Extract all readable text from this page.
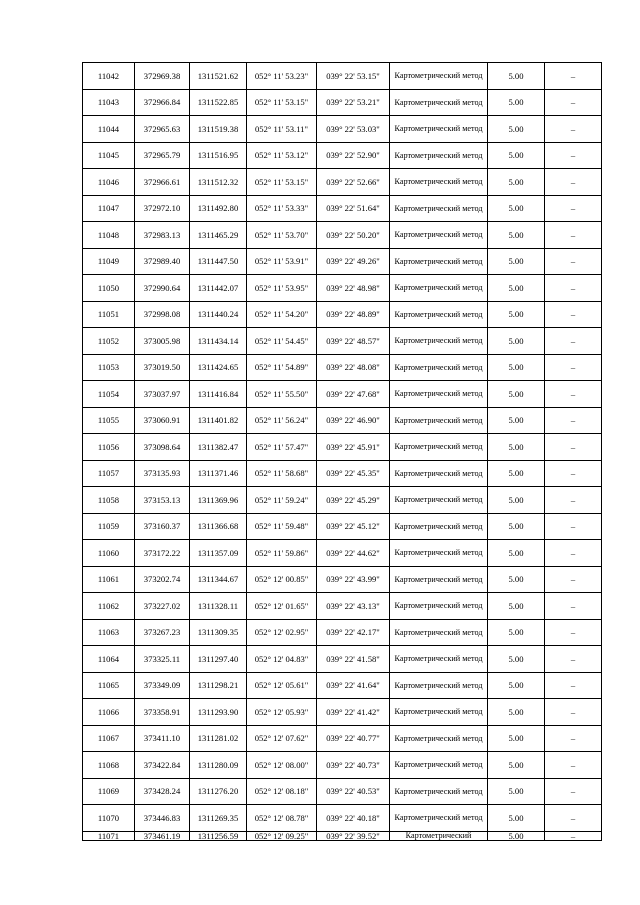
11042	372969.38	1311521.62	052° 11' 53.23"	039° 22' 53.15"	Картометрический метод	5.00	–
11043	372966.84	1311522.85	052° 11' 53.15"	039° 22' 53.21"	Картометрический метод	5.00	–
11044	372965.63	1311519.38	052° 11' 53.11"	039° 22' 53.03"	Картометрический метод	5.00	–
11045	372965.79	1311516.95	052° 11' 53.12"	039° 22' 52.90"	Картометрический метод	5.00	–
11046	372966.61	1311512.32	052° 11' 53.15"	039° 22' 52.66"	Картометрический метод	5.00	–
11047	372972.10	1311492.80	052° 11' 53.33"	039° 22' 51.64"	Картометрический метод	5.00	–
11048	372983.13	1311465.29	052° 11' 53.70"	039° 22' 50.20"	Картометрический метод	5.00	–
11049	372989.40	1311447.50	052° 11' 53.91"	039° 22' 49.26"	Картометрический метод	5.00	–
11050	372990.64	1311442.07	052° 11' 53.95"	039° 22' 48.98"	Картометрический метод	5.00	–
11051	372998.08	1311440.24	052° 11' 54.20"	039° 22' 48.89"	Картометрический метод	5.00	–
11052	373005.98	1311434.14	052° 11' 54.45"	039° 22' 48.57"	Картометрический метод	5.00	–
11053	373019.50	1311424.65	052° 11' 54.89"	039° 22' 48.08"	Картометрический метод	5.00	–
11054	373037.97	1311416.84	052° 11' 55.50"	039° 22' 47.68"	Картометрический метод	5.00	–
11055	373060.91	1311401.82	052° 11' 56.24"	039° 22' 46.90"	Картометрический метод	5.00	–
11056	373098.64	1311382.47	052° 11' 57.47"	039° 22' 45.91"	Картометрический метод	5.00	–
11057	373135.93	1311371.46	052° 11' 58.68"	039° 22' 45.35"	Картометрический метод	5.00	–
11058	373153.13	1311369.96	052° 11' 59.24"	039° 22' 45.29"	Картометрический метод	5.00	–
11059	373160.37	1311366.68	052° 11' 59.48"	039° 22' 45.12"	Картометрический метод	5.00	–
11060	373172.22	1311357.09	052° 11' 59.86"	039° 22' 44.62"	Картометрический метод	5.00	–
11061	373202.74	1311344.67	052° 12' 00.85"	039° 22' 43.99"	Картометрический метод	5.00	–
11062	373227.02	1311328.11	052° 12' 01.65"	039° 22' 43.13"	Картометрический метод	5.00	–
11063	373267.23	1311309.35	052° 12' 02.95"	039° 22' 42.17"	Картометрический метод	5.00	–
11064	373325.11	1311297.40	052° 12' 04.83"	039° 22' 41.58"	Картометрический метод	5.00	–
11065	373349.09	1311298.21	052° 12' 05.61"	039° 22' 41.64"	Картометрический метод	5.00	–
11066	373358.91	1311293.90	052° 12' 05.93"	039° 22' 41.42"	Картометрический метод	5.00	–
11067	373411.10	1311281.02	052° 12' 07.62"	039° 22' 40.77"	Картометрический метод	5.00	–
11068	373422.84	1311280.09	052° 12' 08.00"	039° 22' 40.73"	Картометрический метод	5.00	–
11069	373428.24	1311276.20	052° 12' 08.18"	039° 22' 40.53"	Картометрический метод	5.00	–
11070	373446.83	1311269.35	052° 12' 08.78"	039° 22' 40.18"	Картометрический метод	5.00	–
11071	373461.19	1311256.59	052° 12' 09.25"	039° 22' 39.52"	Картометрический	5.00	–
